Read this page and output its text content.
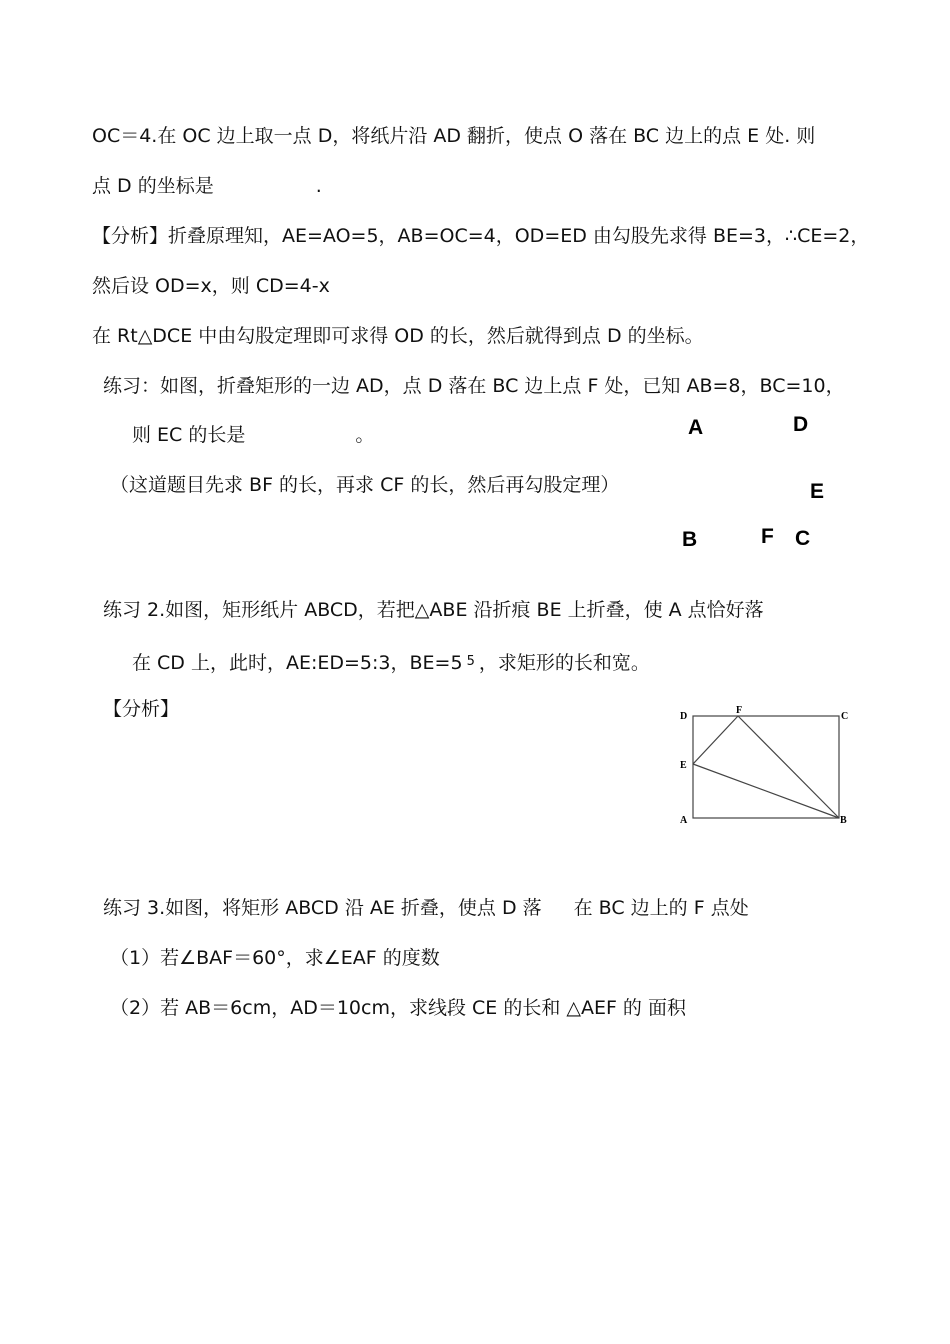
OC＝4.在 OC 边上取一点 D，将纸片沿 AD 翻折，使点 O 落在 BC 边上的点 E 处. 则
点 D 的坐标是	.
【分析】折叠原理知，AE=AO=5，AB=OC=4，OD=ED 由勾股先求得 BE=3，∴CE=2，
然后设 OD=x，则 CD=4-x
在 Rt△DCE 中由勾股定理即可求得 OD 的长，然后就得到点 D 的坐标。
练习：如图，折叠矩形的一边 AD，点 D 落在 BC 边上点 F 处，已知 AB=8，BC=10，
则 EC 的长是	。
（这道题目先求 BF 的长，再求 CF 的长，然后再勾股定理）
A	D
E
B	F C
练习 2.如图，矩形纸片 ABCD，若把△ABE 沿折痕 BE 上折叠，使 A 点恰好落
在 CD 上，此时，AE:ED=5:3，BE=5 $^5$ ，求矩形的长和宽。
【分析】	D
F
C
E
A	B
练习 3.如图，将矩形 ABCD 沿 AE 折叠，使点 D 落 在 BC 边上的 F 点处
（1）若∠BAF＝60°，求∠EAF 的度数
（2）若 AB＝6cm，AD＝10cm，求线段 CE 的长和 △AEF 的 面积
